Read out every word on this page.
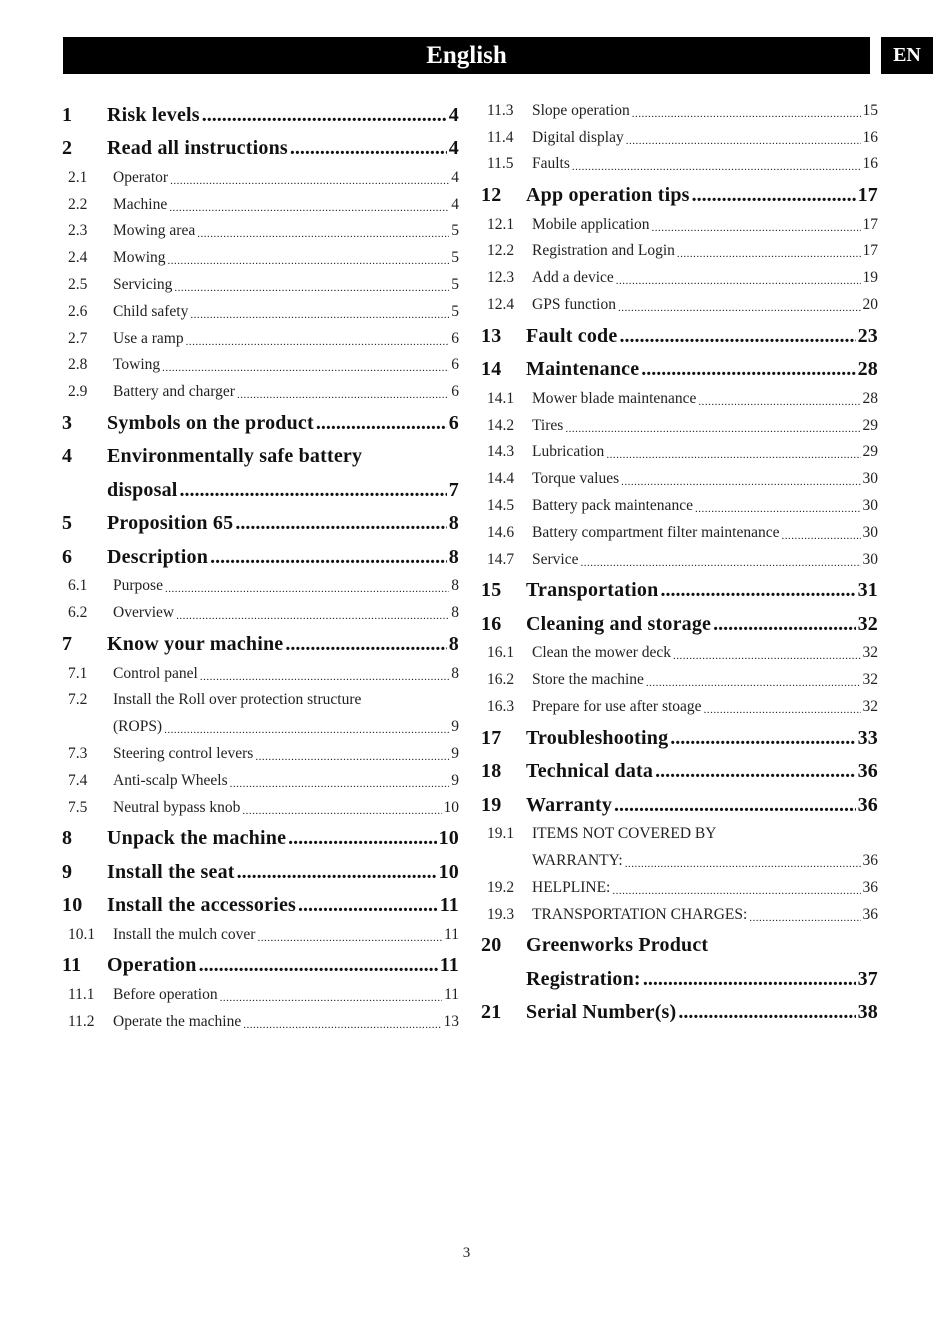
English	EN
1	Risk levels .....	4
2	Read all instructions .....	4
2.1	Operator .....	4
2.2	Machine .....	4
2.3	Mowing area .....	5
2.4	Mowing .....	5
2.5	Servicing .....	5
2.6	Child safety .....	5
2.7	Use a ramp .....	6
2.8	Towing .....	6
2.9	Battery and charger .....	6
3	Symbols on the product .....	6
4	Environmentally safe battery
disposal .....	7
5	Proposition 65 .....	8
6	Description .....	8
6.1	Purpose .....	8
6.2	Overview .....	8
7	Know your machine .....	8
7.1	Control panel .....	8
7.2	Install the Roll over protection structure
(ROPS) .....	9
7.3	Steering control levers .....	9
7.4	Anti-scalp Wheels .....	9
7.5	Neutral bypass knob .....	10
8	Unpack the machine .....	10
9	Install the seat .....	10
10	Install the accessories .....	11
10.1	Install the mulch cover .....	11
11	Operation .....	11
11.1	Before operation .....	11
11.2	Operate the machine .....	13
11.3	Slope operation .....	15
11.4	Digital display .....	16
11.5	Faults .....	16
12	App operation tips .....	17
12.1	Mobile application .....	17
12.2	Registration and Login .....	17
12.3	Add a device .....	19
12.4	GPS function .....	20
13	Fault code .....	23
14	Maintenance .....	28
14.1	Mower blade maintenance .....	28
14.2	Tires .....	29
14.3	Lubrication .....	29
14.4	Torque values .....	30
14.5	Battery pack maintenance .....	30
14.6	Battery compartment filter maintenance .....	30
14.7	Service .....	30
15	Transportation .....	31
16	Cleaning and storage .....	32
16.1	Clean the mower deck .....	32
16.2	Store the machine .....	32
16.3	Prepare for use after stoage .....	32
17	Troubleshooting .....	33
18	Technical data .....	36
19	Warranty .....	36
19.1	ITEMS NOT COVERED BY
WARRANTY: .....	36
19.2	HELPLINE: .....	36
19.3	TRANSPORTATION CHARGES: .....	36
20	Greenworks Product
Registration: .....	37
21	Serial Number(s) .....	38
3
